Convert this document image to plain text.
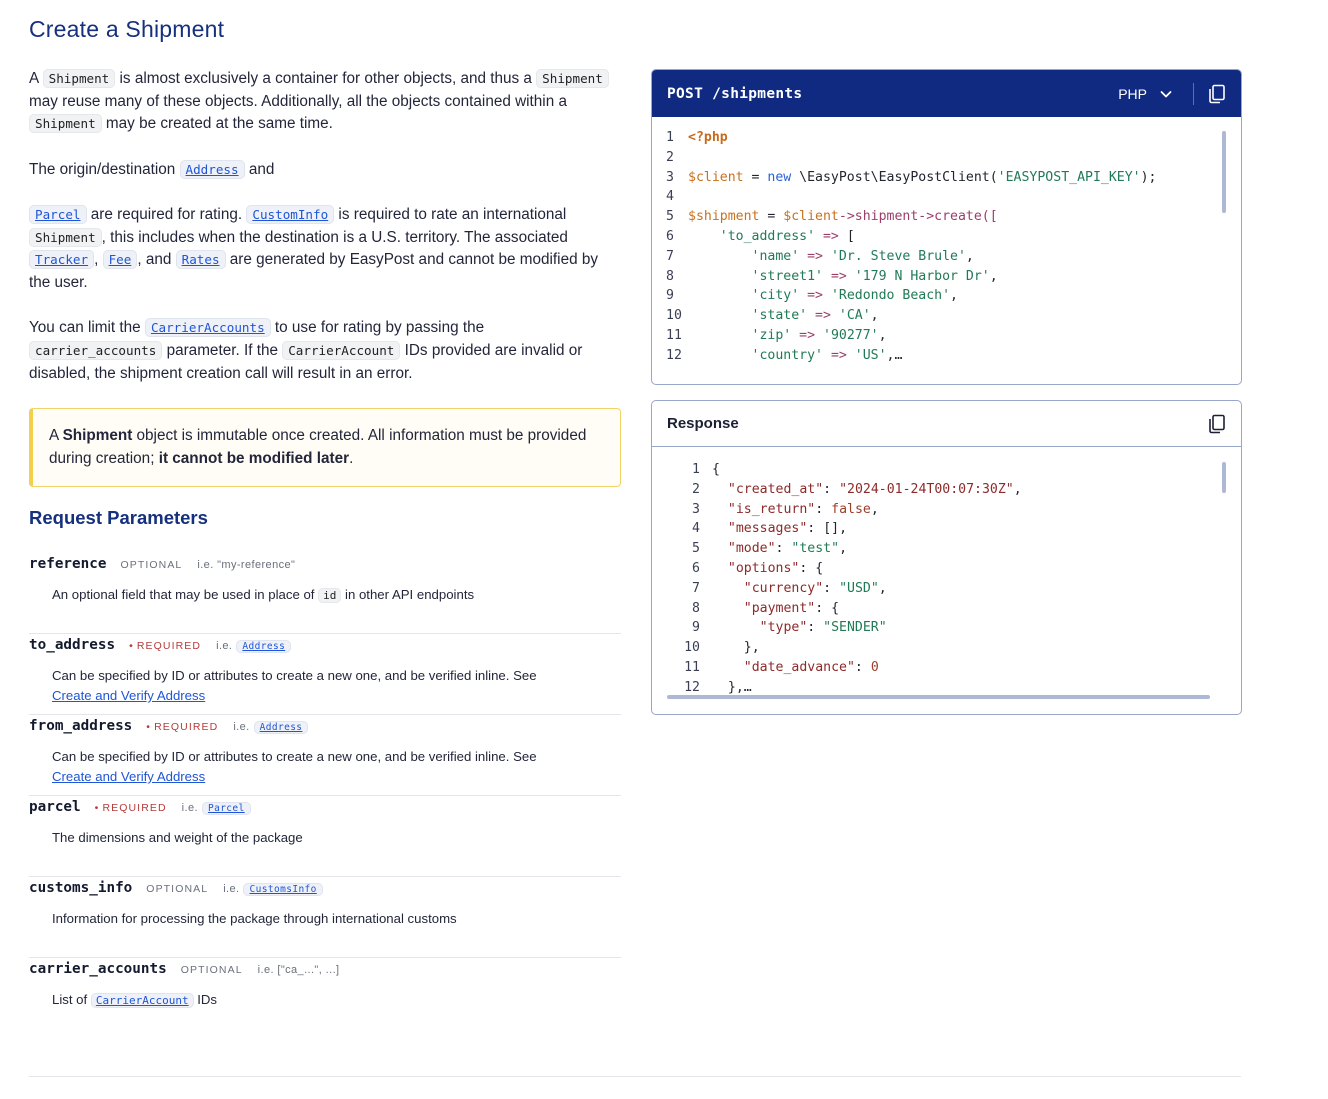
Create a Shipment

A Shipment is almost exclusively a container for other objects, and thus a Shipment may reuse many of these objects. Additionally, all the objects contained within a Shipment may be created at the same time.

The origin/destination Address and

Parcel are required for rating. CustomInfo is required to rate an international Shipment , this includes when the destination is a U.S. territory. The associated Tracker , Fee , and Rates are generated by EasyPost and cannot be modified by the user.

You can limit the CarrierAccounts to use for rating by passing the carrier_accounts parameter. If the CarrierAccount IDs provided are invalid or disabled, the shipment creation call will result in an error.

A Shipment object is immutable once created. All information must be provided during creation; it cannot be modified later.
Request Parameters
reference OPTIONAL i.e. "my-reference"
An optional field that may be used in place of id in other API endpoints
to_address	• REQUIRED i.e. Address
Can be specified by ID or attributes to create a new one, and be verified inline. See
Create and Verify Address
from_address	• REQUIRED i.e. Address
Can be specified by ID or attributes to create a new one, and be verified inline. See
Create and Verify Address
parcel	• REQUIRED i.e. Parcel
The dimensions and weight of the package
customs_info OPTIONAL i.e. CustomsInfo
Information for processing the package through international customs
carrier_accounts OPTIONAL i.e. ["ca_...", ...]
List of CarrierAccount IDs
POST /shipments	PHP
1	<?php
2
3	$client = new \EasyPost\EasyPostClient( 'EASYPOST_API_KEY' );
4
5	$shipment = $client ->shipment->create([
6
	'to_address' => [
7
	'name' => 'Dr. Steve Brule' ,
8
	'street1' => '179 N Harbor Dr' ,
9
	'city' => 'Redondo Beach' ,
10
	'state' => 'CA' ,
11
	'zip' => '90277' ,
12
	'country' => 'US' ,…
Response
1 {
2
	"created_at" : "2024-01-24T00:07:30Z" ,
3
	"is_return" : false ,
4
	"messages" : [] ,
5
	"mode" : "test" ,
6
	"options" : {
7
	"currency" : "USD" ,
8
	"payment" : {
9
	"type" : "SENDER"
10
	},
11
	"date_advance" : 0
12
	},…
